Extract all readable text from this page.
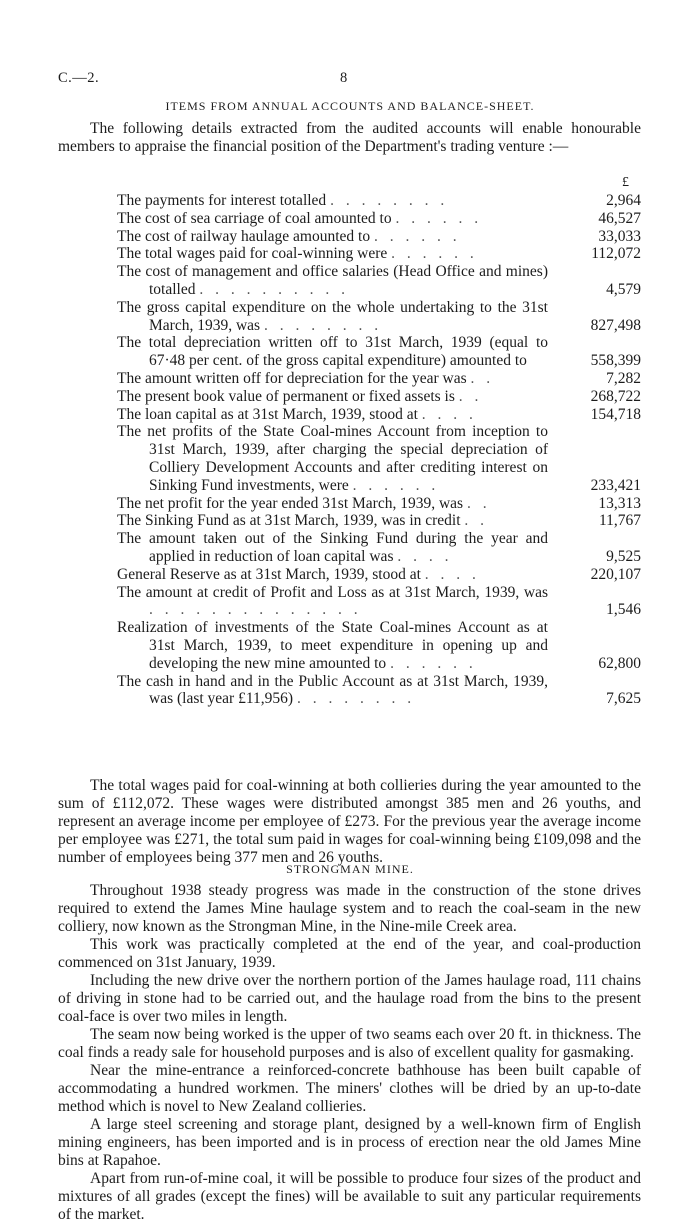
C.—2.	8
ITEMS FROM ANNUAL ACCOUNTS AND BALANCE-SHEET.

The following details extracted from the audited accounts will enable honourable members to appraise the financial position of the Department's trading venture :—

£
The payments for interest totalled . . . . . . . .	2,964
The cost of sea carriage of coal amounted to . . . . . .	46,527
The cost of railway haulage amounted to . . . . . .	33,033
The total wages paid for coal-winning were . . . . . .	112,072
The cost of management and office salaries (Head Office and mines) totalled . . . . . . . . . .	4,579
The gross capital expenditure on the whole undertaking to the 31st March, 1939, was . . . . . . . .	827,498
The total depreciation written off to 31st March, 1939 (equal to 67·48 per cent. of the gross capital expenditure) amounted to	558,399
The amount written off for depreciation for the year was . .	7,282
The present book value of permanent or fixed assets is . .	268,722
The loan capital as at 31st March, 1939, stood at . . . .	154,718
The net profits of the State Coal-mines Account from inception to 31st March, 1939, after charging the special depreciation of Colliery Development Accounts and after crediting interest on Sinking Fund investments, were . . . . . .	233,421
The net profit for the year ended 31st March, 1939, was . .	13,313
The Sinking Fund as at 31st March, 1939, was in credit . .	11,767
The amount taken out of the Sinking Fund during the year and applied in reduction of loan capital was . . . .	9,525
General Reserve as at 31st March, 1939, stood at . . . .	220,107
The amount at credit of Profit and Loss as at 31st March, 1939, was . . . . . . . . . . . . . .	1,546
Realization of investments of the State Coal-mines Account as at 31st March, 1939, to meet expenditure in opening up and developing the new mine amounted to . . . . . .	62,800
The cash in hand and in the Public Account as at 31st March, 1939, was (last year £11,956) . . . . . . . .	7,625

The total wages paid for coal-winning at both collieries during the year amounted to the sum of £112,072. These wages were distributed amongst 385 men and 26 youths, and represent an average income per employee of £273. For the previous year the average income per employee was £271, the total sum paid in wages for coal-winning being £109,098 and the number of employees being 377 men and 26 youths.

STRONGMAN MINE.

Throughout 1938 steady progress was made in the construction of the stone drives required to extend the James Mine haulage system and to reach the coal-seam in the new colliery, now known as the Strongman Mine, in the Nine-mile Creek area.

This work was practically completed at the end of the year, and coal-production commenced on 31st January, 1939.

Including the new drive over the northern portion of the James haulage road, 111 chains of driving in stone had to be carried out, and the haulage road from the bins to the present coal-face is over two miles in length.

The seam now being worked is the upper of two seams each over 20 ft. in thickness. The coal finds a ready sale for household purposes and is also of excellent quality for gasmaking.

Near the mine-entrance a reinforced-concrete bathhouse has been built capable of accommodating a hundred workmen. The miners' clothes will be dried by an up-to-date method which is novel to New Zealand collieries.

A large steel screening and storage plant, designed by a well-known firm of English mining engineers, has been imported and is in process of erection near the old James Mine bins at Rapahoe.

Apart from run-of-mine coal, it will be possible to produce four sizes of the product and mixtures of all grades (except the fines) will be available to suit any particular requirements of the market.
